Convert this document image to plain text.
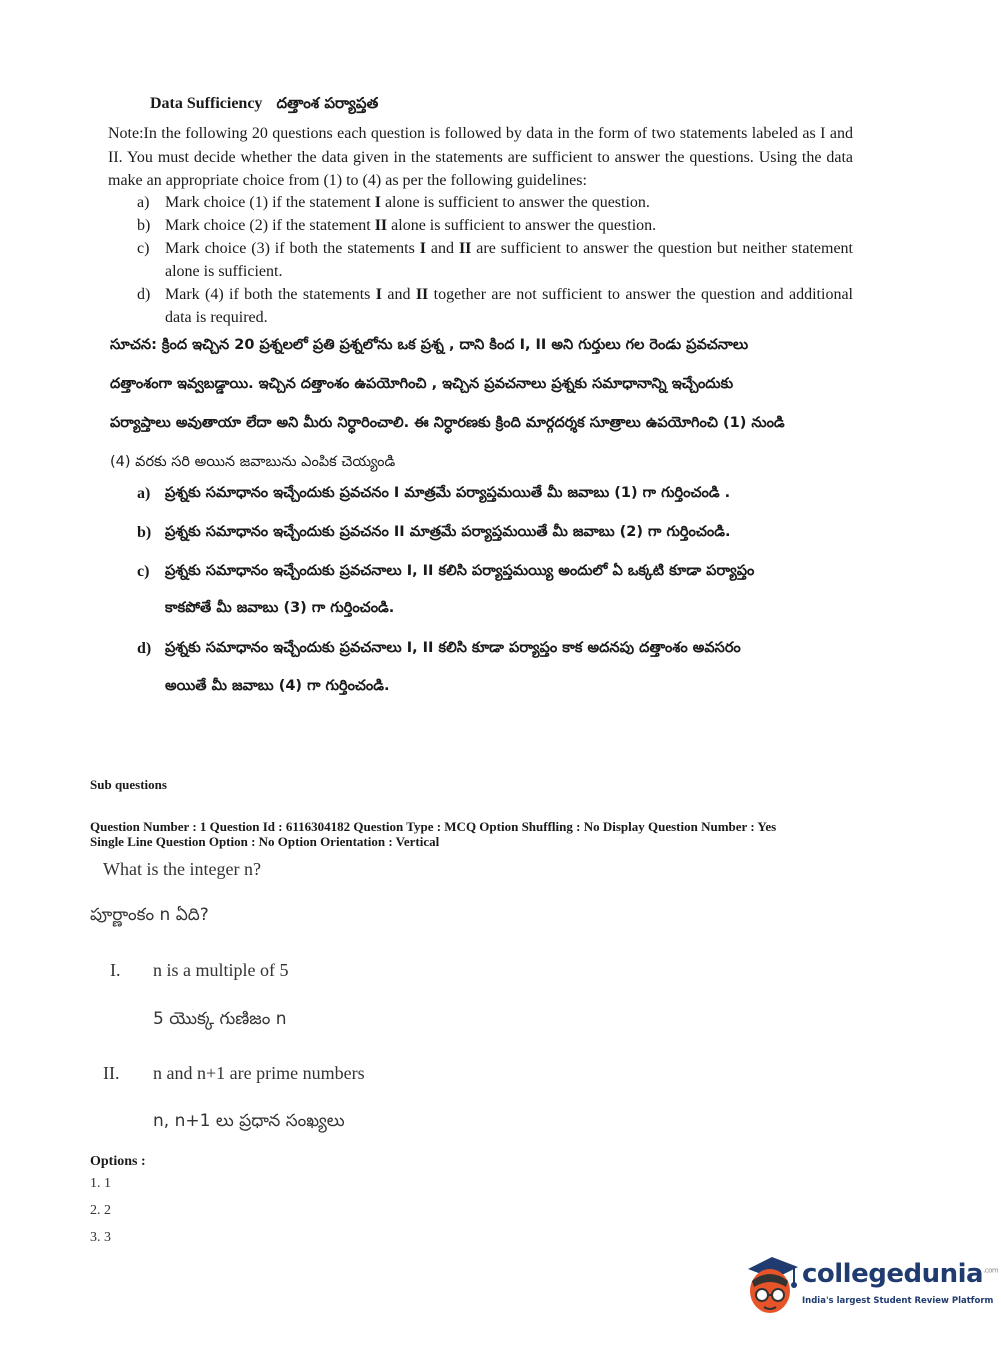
Data Sufficiency దత్తాంశ పర్యాప్తత
Note:In the following 20 questions each question is followed by data in the form of two statements labeled as I and II. You must decide whether the data given in the statements are sufficient to answer the questions. Using the data make an appropriate choice from (1) to (4) as per the following guidelines:
a) Mark choice (1) if the statement I alone is sufficient to answer the question.
b) Mark choice (2) if the statement II alone is sufficient to answer the question.
c) Mark choice (3) if both the statements I and II are sufficient to answer the question but neither statement alone is sufficient.
d) Mark (4) if both the statements I and II together are not sufficient to answer the question and additional data is required.
సూచన: క్రింద ఇచ్చిన 20 ప్రశ్నలలో ప్రతి ప్రశ్నలోను ఒక ప్రశ్న , దాని కింద I, II అని గుర్తులు గల రెండు ప్రవచనాలు
దత్తాంశంగా ఇవ్వబడ్డాయి. ఇచ్చిన దత్తాంశం ఉపయోగించి , ఇచ్చిన ప్రవచనాలు ప్రశ్నకు సమాధానాన్ని ఇచ్చేందుకు
పర్యాప్తాలు అవుతాయా లేదా అని మీరు నిర్ధారించాలి. ఈ నిర్ధారణకు క్రింది మార్గదర్శక సూత్రాలు ఉపయోగించి (1) నుండి
(4) వరకు సరి అయిన జవాబును ఎంపిక చెయ్యండి
a)	ప్రశ్నకు సమాధానం ఇచ్చేందుకు ప్రవచనం I మాత్రమే పర్యాప్తమయితే మీ జవాబు (1) గా గుర్తించండి .
b) ప్రశ్నకు సమాధానం ఇచ్చేందుకు ప్రవచనం II మాత్రమే పర్యాప్తమయితే మీ జవాబు (2) గా గుర్తించండి.
c)	ప్రశ్నకు సమాధానం ఇచ్చేందుకు ప్రవచనాలు I, II కలిసి పర్యాప్తమయ్యి అందులో ఏ ఒక్కటి కూడా పర్యాప్తం
కాకపోతే మీ జవాబు (3) గా గుర్తించండి.
d) ప్రశ్నకు సమాధానం ఇచ్చేందుకు ప్రవచనాలు I, II కలిసి కూడా పర్యాప్తం కాక అదనపు దత్తాంశం అవసరం
అయితే మీ జవాబు (4) గా గుర్తించండి.
Sub questions
Question Number : 1 Question Id : 6116304182 Question Type : MCQ Option Shuffling : No Display Question Number : Yes
Single Line Question Option : No Option Orientation : Vertical
What is the integer n?
పూర్ణాంకం n ఏది?
I. n is a multiple of 5
5 యొక్క గుణిజం n
II. n and n+1 are prime numbers
n, n+1 లు ప్రధాన సంఖ్యలు
Options :
1. 1
2. 2
3. 3
collegedunia$^{.com}$
India's largest Student Review Platform
